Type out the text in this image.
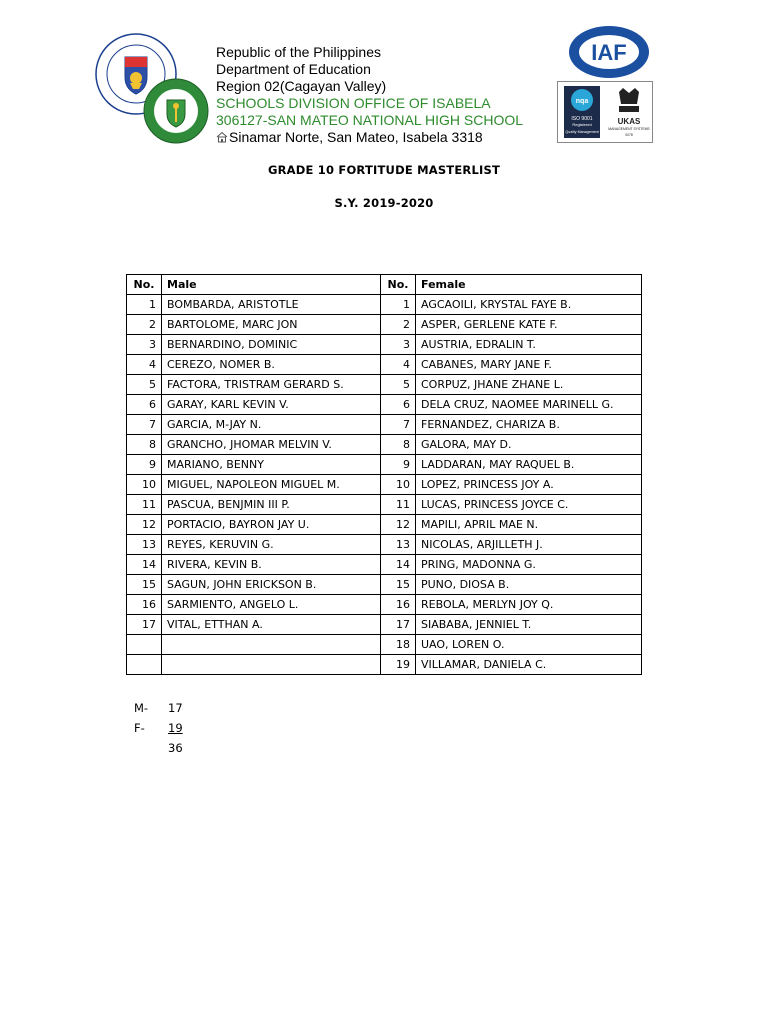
Republic of the Philippines
Department of Education
Region 02(Cagayan Valley)
SCHOOLS DIVISION OFFICE OF ISABELA
306127-SAN MATEO NATIONAL HIGH SCHOOL
Sinamar Norte, San Mateo, Isabela 3318
IAF
nqa
ISO 9001
Registered
Quality Management
UKAS
MANAGEMENT SYSTEMS
0078
GRADE 10 FORTITUDE MASTERLIST
S.Y. 2019-2020
No.	Male	No.	Female
1	BOMBARDA, ARISTOTLE	1	AGCAOILI, KRYSTAL FAYE B.
2	BARTOLOME, MARC JON	2	ASPER, GERLENE KATE F.
3	BERNARDINO, DOMINIC	3	AUSTRIA, EDRALIN T.
4	CEREZO, NOMER B.	4	CABANES, MARY JANE F.
5	FACTORA, TRISTRAM GERARD S.	5	CORPUZ, JHANE ZHANE L.
6	GARAY, KARL KEVIN V.	6	DELA CRUZ, NAOMEE MARINELL G.
7	GARCIA, M-JAY N.	7	FERNANDEZ, CHARIZA B.
8	GRANCHO, JHOMAR MELVIN V.	8	GALORA, MAY D.
9	MARIANO, BENNY	9	LADDARAN, MAY RAQUEL B.
10	MIGUEL, NAPOLEON MIGUEL M.	10	LOPEZ, PRINCESS JOY A.
11	PASCUA, BENJMIN III P.	11	LUCAS, PRINCESS JOYCE C.
12	PORTACIO, BAYRON JAY U.	12	MAPILI, APRIL MAE N.
13	REYES, KERUVIN G.	13	NICOLAS, ARJILLETH J.
14	RIVERA, KEVIN B.	14	PRING, MADONNA G.
15	SAGUN, JOHN ERICKSON B.	15	PUNO, DIOSA B.
16	SARMIENTO, ANGELO L.	16	REBOLA, MERLYN JOY Q.
17	VITAL, ETTHAN A.	17	SIABABA, JENNIEL T.
		18	UAO, LOREN O.
		19	VILLAMAR, DANIELA C.
M-	17
F-	19
36
